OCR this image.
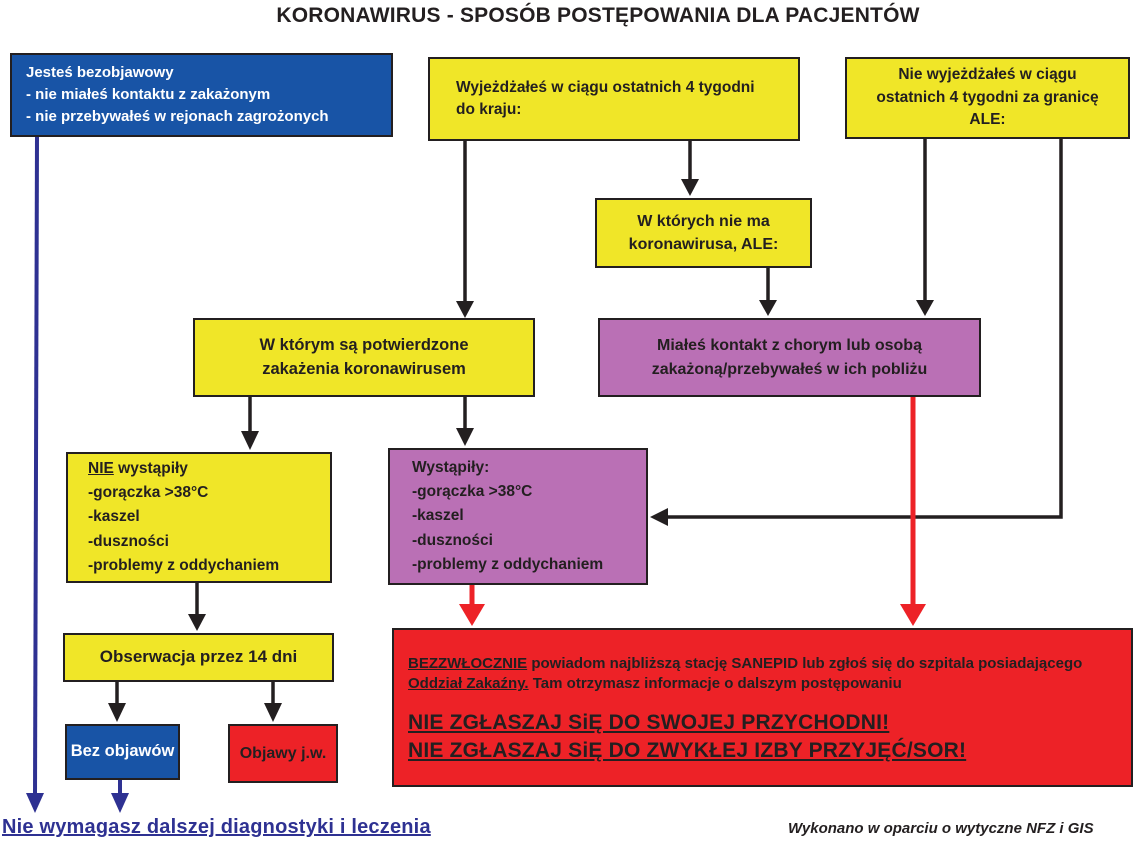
KORONAWIRUS - SPOSÓB POSTĘPOWANIA DLA PACJENTÓW
Jesteś bezobjawowy
- nie miałeś kontaktu z zakażonym
- nie przebywałeś w rejonach zagrożonych
Wyjeżdżałeś w ciągu ostatnich 4 tygodni
do kraju:
Nie wyjeżdżałeś w ciągu
ostatnich 4 tygodni za granicę
ALE:
W których nie ma
koronawirusa, ALE:
W którym są potwierdzone
zakażenia koronawirusem
Miałeś kontakt z chorym lub osobą
zakażoną/przebywałeś w ich pobliżu
NIE wystąpiły
-gorączka >38°C
-kaszel
-duszności
-problemy z oddychaniem
Wystąpiły:
-gorączka >38°C
-kaszel
-duszności
-problemy z oddychaniem
Obserwacja przez 14 dni
Bez objawów	Objawy j.w.
BEZZWŁOCZNIE powiadom najbliższą stację SANEPID lub zgłoś się do szpitala posiadającego Oddział Zakaźny. Tam otrzymasz informacje o dalszym postępowaniu
NIE ZGŁASZAJ SiĘ DO SWOJEJ PRZYCHODNI!
NIE ZGŁASZAJ SiĘ DO ZWYKŁEJ IZBY PRZYJĘĆ/SOR!
Nie wymagasz dalszej diagnostyki i leczenia	Wykonano w oparciu o wytyczne NFZ i GIS
